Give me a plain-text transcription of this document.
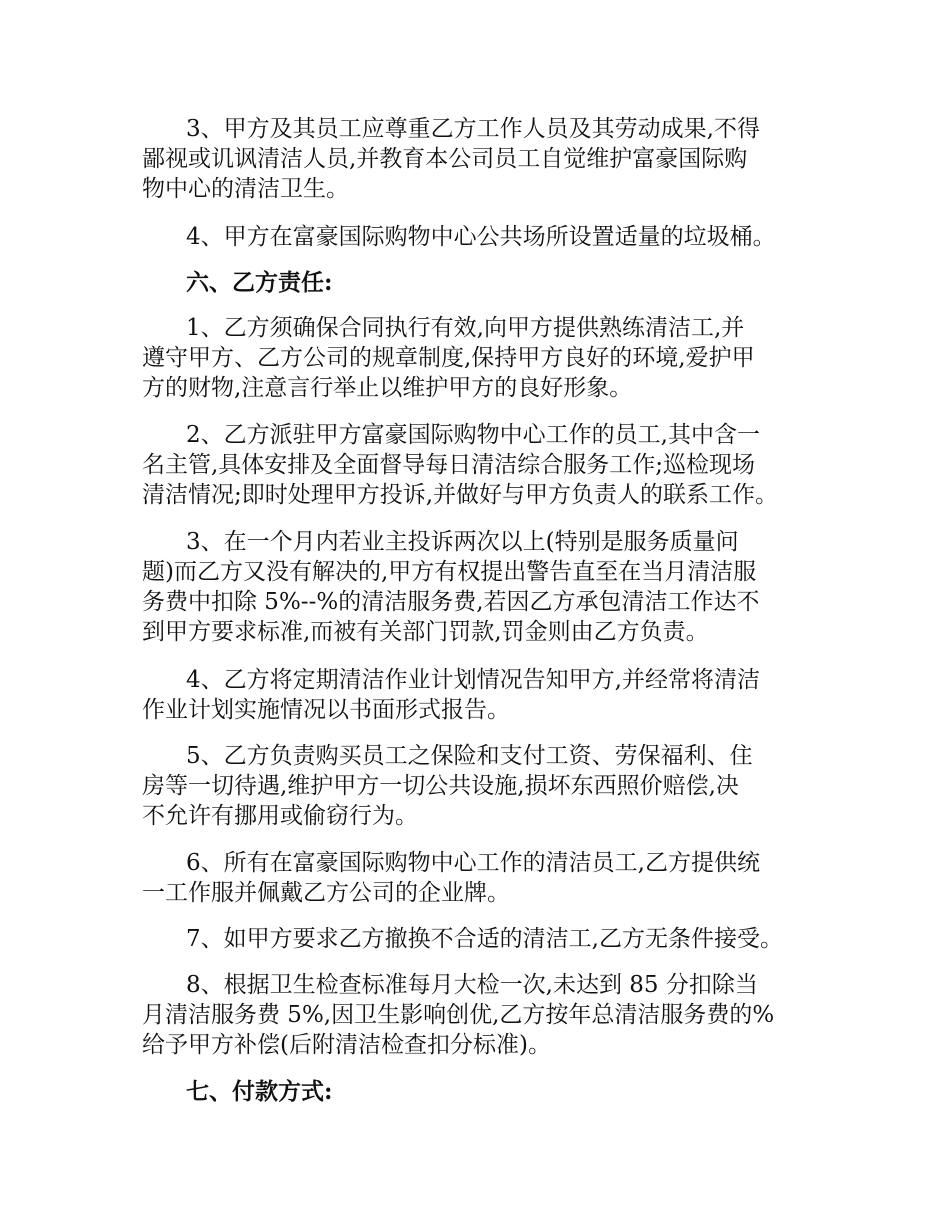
3、甲方及其员工应尊重乙方工作人员及其劳动成果,不得
鄙视或讥讽清洁人员,并教育本公司员工自觉维护富豪国际购
物中心的清洁卫生。
4、甲方在富豪国际购物中心公共场所设置适量的垃圾桶。
六、乙方责任:
1、乙方须确保合同执行有效,向甲方提供熟练清洁工,并
遵守甲方、乙方公司的规章制度,保持甲方良好的环境,爱护甲
方的财物,注意言行举止以维护甲方的良好形象。
2、乙方派驻甲方富豪国际购物中心工作的员工,其中含一
名主管,具体安排及全面督导每日清洁综合服务工作;巡检现场
清洁情况;即时处理甲方投诉,并做好与甲方负责人的联系工作。
3、在一个月内若业主投诉两次以上(特别是服务质量问
题)而乙方又没有解决的,甲方有权提出警告直至在当月清洁服
务费中扣除 5%--%的清洁服务费,若因乙方承包清洁工作达不
到甲方要求标准,而被有关部门罚款,罚金则由乙方负责。
4、乙方将定期清洁作业计划情况告知甲方,并经常将清洁
作业计划实施情况以书面形式报告。
5、乙方负责购买员工之保险和支付工资、劳保福利、住
房等一切待遇,维护甲方一切公共设施,损坏东西照价赔偿,决
不允许有挪用或偷窃行为。
6、所有在富豪国际购物中心工作的清洁员工,乙方提供统
一工作服并佩戴乙方公司的企业牌。
7、如甲方要求乙方撤换不合适的清洁工,乙方无条件接受。
8、根据卫生检查标准每月大检一次,未达到 85 分扣除当
月清洁服务费 5%,因卫生影响创优,乙方按年总清洁服务费的%
给予甲方补偿(后附清洁检查扣分标准)。
七、付款方式:
